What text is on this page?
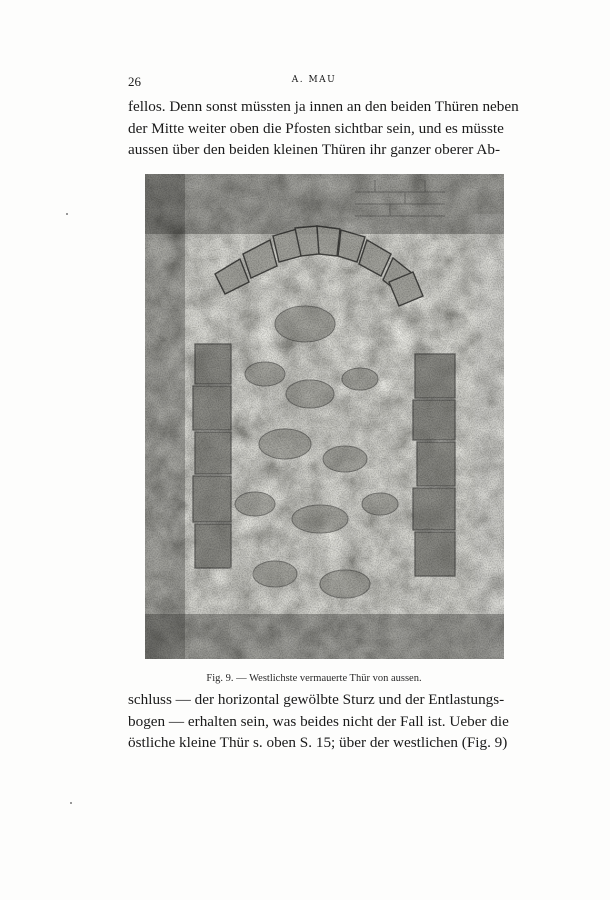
26	A. MAU
fellos. Denn sonst müssten ja innen an den beiden Thüren neben
der Mitte weiter oben die Pfosten sichtbar sein, und es müsste
aussen über den beiden kleinen Thüren ihr ganzer oberer Ab-
Fig. 9. — Westlichste vermauerte Thür von aussen.
schluss — der horizontal gewölbte Sturz und der Entlastungs-
bogen — erhalten sein, was beides nicht der Fall ist. Ueber die
östliche kleine Thür s. oben S. 15; über der westlichen (Fig. 9)
